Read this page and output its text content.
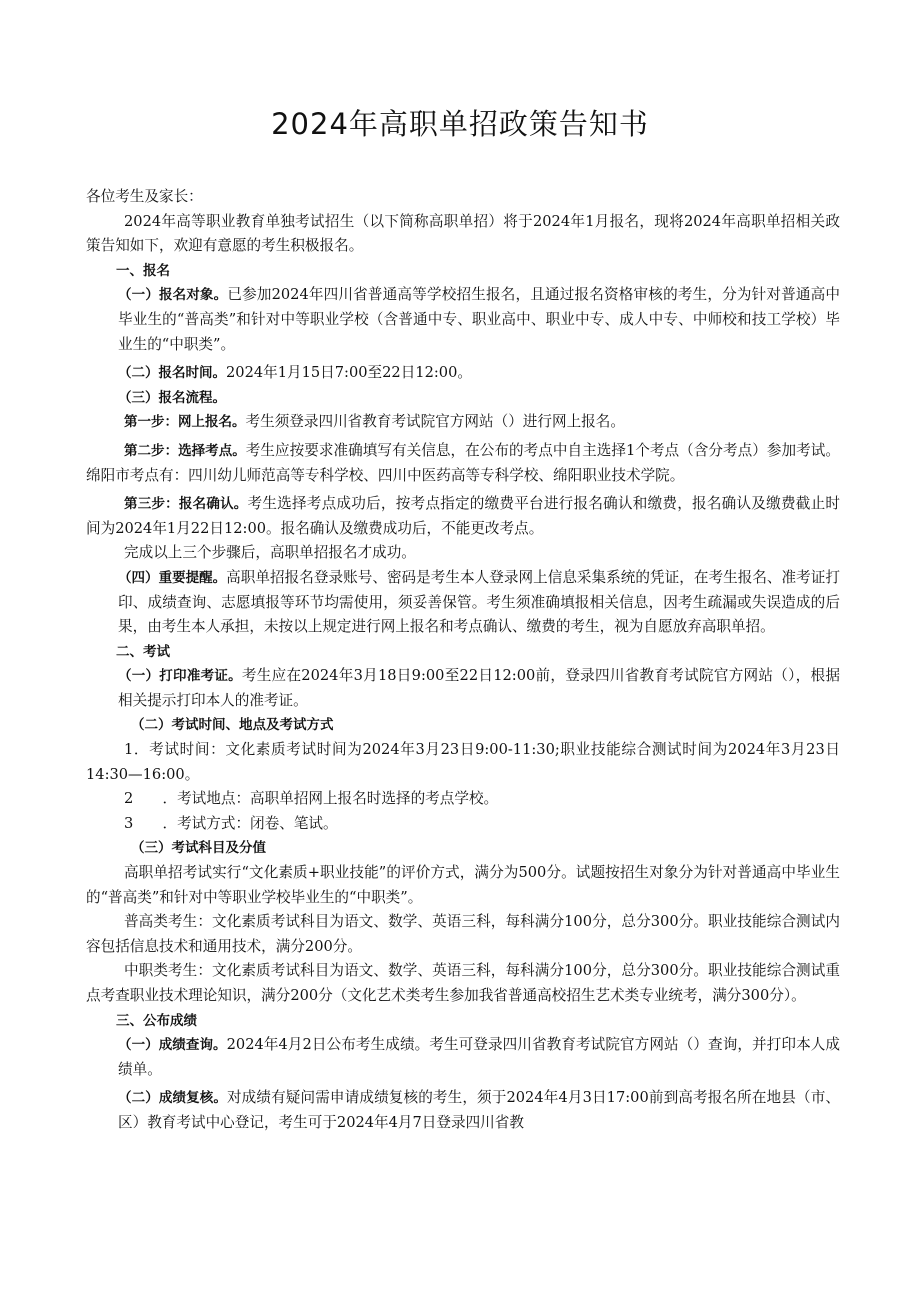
2024年高职单招政策告知书

各位考生及家长：

2024年高等职业教育单独考试招生（以下简称高职单招）将于2024年1月报名，现将2024年高职单招相关政策告知如下，欢迎有意愿的考生积极报名。

一、报名

（一）报名对象。已参加2024年四川省普通高等学校招生报名，且通过报名资格审核的考生，分为针对普通高中毕业生的“普高类”和针对中等职业学校（含普通中专、职业高中、职业中专、成人中专、中师校和技工学校）毕业生的“中职类”。

（二）报名时间。2024年1月15日7:00至22日12:00。

（三）报名流程。

第一步：网上报名。考生须登录四川省教育考试院官方网站（）进行网上报名。

第二步：选择考点。考生应按要求准确填写有关信息，在公布的考点中自主选择1个考点（含分考点）参加考试。绵阳市考点有：四川幼儿师范高等专科学校、四川中医药高等专科学校、绵阳职业技术学院。

第三步：报名确认。考生选择考点成功后，按考点指定的缴费平台进行报名确认和缴费，报名确认及缴费截止时间为2024年1月22日12:00。报名确认及缴费成功后，不能更改考点。

完成以上三个步骤后，高职单招报名才成功。

（四）重要提醒。高职单招报名登录账号、密码是考生本人登录网上信息采集系统的凭证，在考生报名、准考证打印、成绩查询、志愿填报等环节均需使用，须妥善保管。考生须准确填报相关信息，因考生疏漏或失误造成的后果，由考生本人承担，未按以上规定进行网上报名和考点确认、缴费的考生，视为自愿放弃高职单招。

二、考试

（一）打印准考证。考生应在2024年3月18日9:00至22日12:00前，登录四川省教育考试院官方网站（），根据相关提示打印本人的准考证。

（二）考试时间、地点及考试方式

1．考试时间：文化素质考试时间为2024年3月23日9:00-11:30;职业技能综合测试时间为2024年3月23日14:30—16:00。

2　　．考试地点：高职单招网上报名时选择的考点学校。

3　　．考试方式：闭卷、笔试。

（三）考试科目及分值

高职单招考试实行“文化素质+职业技能”的评价方式，满分为500分。试题按招生对象分为针对普通高中毕业生的“普高类”和针对中等职业学校毕业生的“中职类”。

普高类考生：文化素质考试科目为语文、数学、英语三科，每科满分100分，总分300分。职业技能综合测试内容包括信息技术和通用技术，满分200分。

中职类考生：文化素质考试科目为语文、数学、英语三科，每科满分100分，总分300分。职业技能综合测试重点考查职业技术理论知识，满分200分（文化艺术类考生参加我省普通高校招生艺术类专业统考，满分300分）。

三、公布成绩

（一）成绩查询。2024年4月2日公布考生成绩。考生可登录四川省教育考试院官方网站（）查询，并打印本人成绩单。

（二）成绩复核。对成绩有疑问需申请成绩复核的考生，须于2024年4月3日17:00前到高考报名所在地县（市、区）教育考试中心登记，考生可于2024年4月7日登录四川省教
